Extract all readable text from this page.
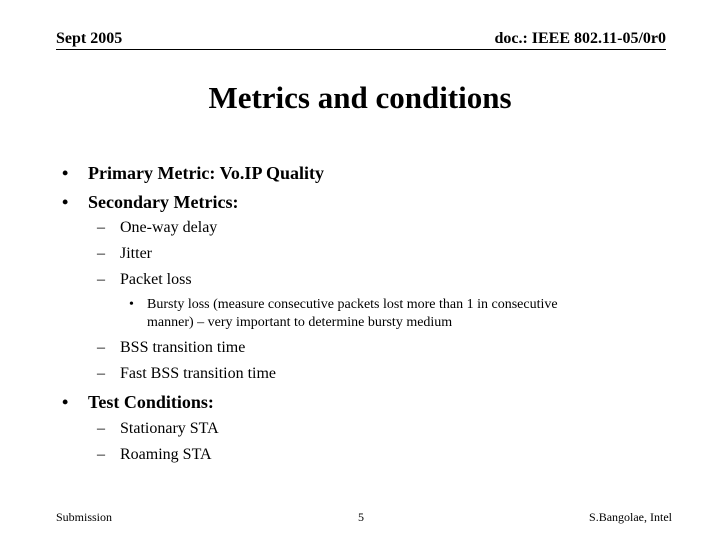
Sept 2005	doc.: IEEE 802.11-05/0r0
Metrics and conditions
• Primary Metric: Vo.IP Quality
• Secondary Metrics:
– One-way delay
– Jitter
– Packet loss
• Bursty loss (measure consecutive packets lost more than 1 in consecutive
manner) – very important to determine bursty medium
– BSS transition time
– Fast BSS transition time
• Test Conditions:
– Stationary STA
– Roaming STA
Submission	5	S.Bangolae, Intel
